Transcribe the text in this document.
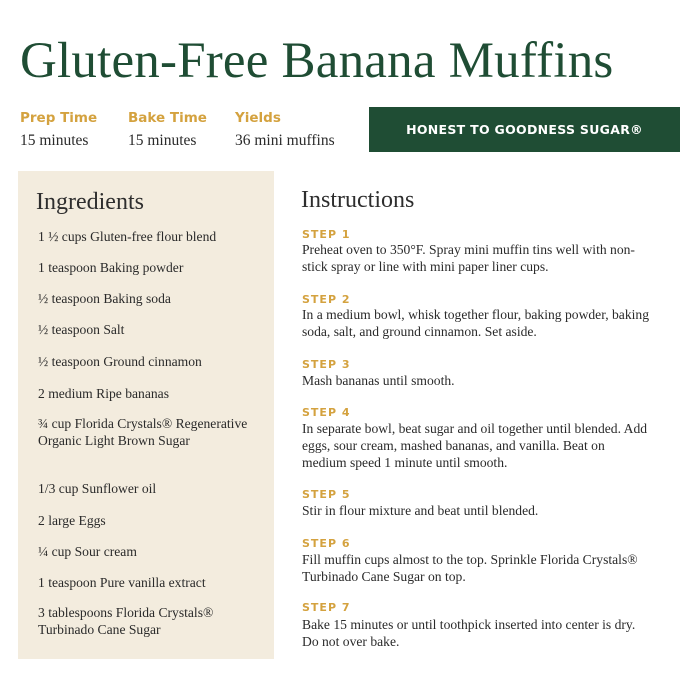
Gluten-Free Banana Muffins
Prep Time
15 minutes
Bake Time
15 minutes
Yields
36 mini muffins
HONEST TO GOODNESS SUGAR®
Ingredients
1 ½ cups Gluten-free flour blend
1 teaspoon Baking powder
½ teaspoon Baking soda
½ teaspoon Salt
½ teaspoon Ground cinnamon
2 medium Ripe bananas
¾ cup Florida Crystals® Regenerative Organic Light Brown Sugar
1/3 cup Sunflower oil
2 large Eggs
¼ cup Sour cream
1 teaspoon Pure vanilla extract
3 tablespoons Florida Crystals® Turbinado Cane Sugar
Instructions
STEP 1
Preheat oven to 350°F. Spray mini muffin tins well with non-stick spray or line with mini paper liner cups.
STEP 2
In a medium bowl, whisk together flour, baking powder, baking soda, salt, and ground cinnamon. Set aside.
STEP 3
Mash bananas until smooth.
STEP 4
In separate bowl, beat sugar and oil together until blended. Add eggs, sour cream, mashed bananas, and vanilla. Beat on medium speed 1 minute until smooth.
STEP 5
Stir in flour mixture and beat until blended.
STEP 6
Fill muffin cups almost to the top. Sprinkle Florida Crystals® Turbinado Cane Sugar on top.
STEP 7
Bake 15 minutes or until toothpick inserted into center is dry. Do not over bake.
